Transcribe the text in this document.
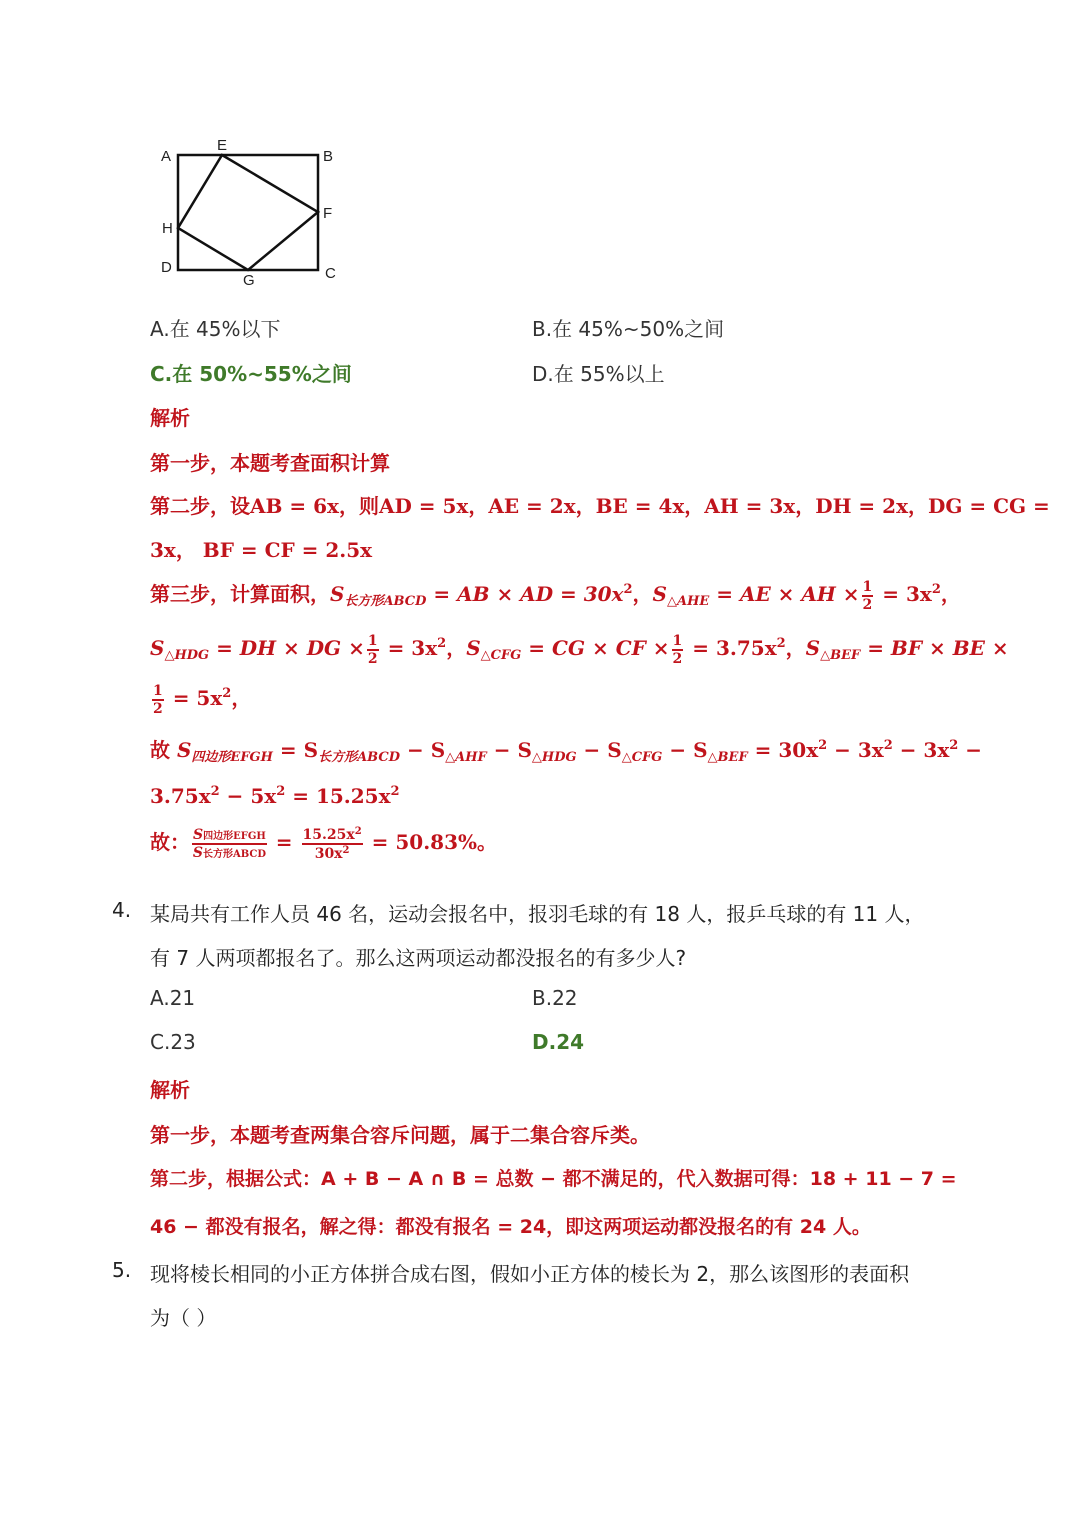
A
E
B
H
F
D
G	C
A.在 45%以下	B.在 45%~50%之间
C.在 50%~55%之间	D.在 55%以上
解析
第一步，本题考查面积计算
第二步，设AB = 6x，则AD = 5x，AE = 2x，BE = 4x，AH = 3x，DH = 2x，DG = CG =
3x， BF = CF = 2.5x
第三步，计算面积，$S_{长方形ABCD}$ = AB × AD = $30x^2$，$S_{\triangle AHE}$ = AE × AH × $\frac{1}{2} = 3x^2$，
$S_{\triangle HDG}$ = DH × DG × $\frac{1}{2} = 3x^2$，$S_{\triangle CFG}$ = CG × CF × $\frac{1}{2} = 3.75x^2$，$S_{\triangle BEF}$ = BF × BE ×
$\frac{1}{2} = 5x^2$，
故 $S_{四边形EFGH} = S_{长方形ABCD} - S_{\triangle AHF} - S_{\triangle HDG} - S_{\triangle CFG} - S_{\triangle BEF} = 30x^2 - 3x^2 - 3x^2$ −
$3.75x^2 - 5x^2 = 15.25x^2$
故： $\frac{\text{S四边形EFGH}}{\text{S长方形ABCD}} = \frac{15.25x^2}{30x^2} = 50.83\%$。
4. 某局共有工作人员 46 名，运动会报名中，报羽毛球的有 18 人，报乒乓球的有 11 人，
有 7 人两项都报名了。那么这两项运动都没报名的有多少人?
A.21	B.22
C.23	D.24
解析
第一步，本题考查两集合容斥问题，属于二集合容斥类。
第二步，根据公式：A + B − A ∩ B = 总数 − 都不满足的，代入数据可得：18 + 11 − 7 =
46 − 都没有报名，解之得：都没有报名 = 24，即这两项运动都没报名的有 24 人。
5. 现将棱长相同的小正方体拼合成右图，假如小正方体的棱长为 2，那么该图形的表面积
为（ ）
